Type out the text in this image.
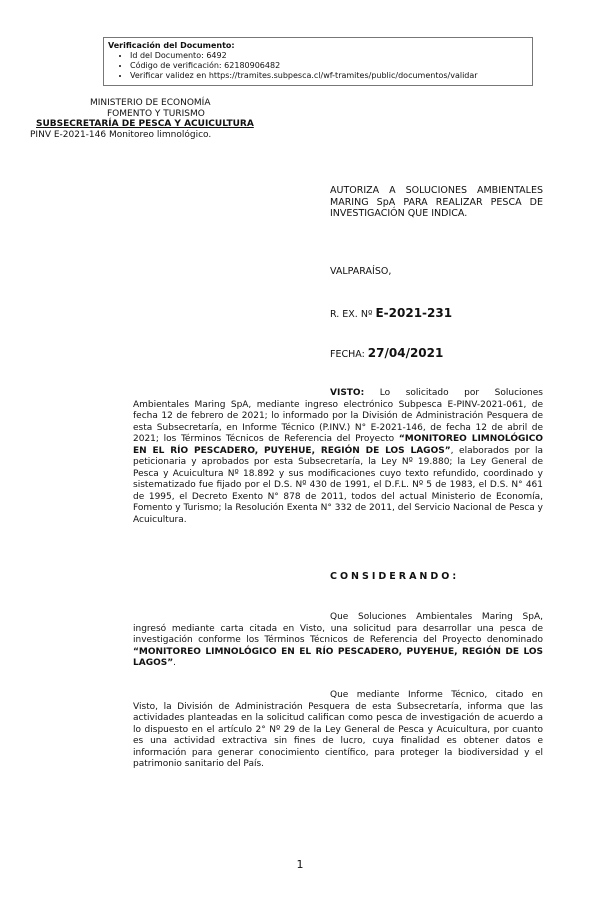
Verificación del Documento:
• Id del Documento: 6492
• Código de verificación: 62180906482
• Verificar validez en https://tramites.subpesca.cl/wf-tramites/public/documentos/validar
MINISTERIO DE ECONOMÍA
FOMENTO Y TURISMO
SUBSECRETARÍA DE PESCA Y ACUICULTURA
PINV E-2021-146 Monitoreo limnológico.
AUTORIZA A SOLUCIONES AMBIENTALES MARING SpA PARA REALIZAR PESCA DE INVESTIGACIÓN QUE INDICA.
VALPARAÍSO,
R. EX. Nº E-2021-231
FECHA: 27/04/2021
VISTO: Lo solicitado por Soluciones Ambientales Maring SpA, mediante ingreso electrónico Subpesca E-PINV-2021-061, de fecha 12 de febrero de 2021; lo informado por la División de Administración Pesquera de esta Subsecretaría, en Informe Técnico (P.INV.) N° E-2021-146, de fecha 12 de abril de 2021; los Términos Técnicos de Referencia del Proyecto “MONITOREO LIMNOLÓGICO EN EL RÍO PESCADERO, PUYEHUE, REGIÓN DE LOS LAGOS”, elaborados por la peticionaria y aprobados por esta Subsecretaría, la Ley Nº 19.880; la Ley General de Pesca y Acuicultura Nº 18.892 y sus modificaciones cuyo texto refundido, coordinado y sistematizado fue fijado por el D.S. Nº 430 de 1991, el D.F.L. Nº 5 de 1983, el D.S. N° 461 de 1995, el Decreto Exento N° 878 de 2011, todos del actual Ministerio de Economía, Fomento y Turismo; la Resolución Exenta N° 332 de 2011, del Servicio Nacional de Pesca y Acuicultura.
CONSIDERANDO:
Que Soluciones Ambientales Maring SpA, ingresó mediante carta citada en Visto, una solicitud para desarrollar una pesca de investigación conforme los Términos Técnicos de Referencia del Proyecto denominado “MONITOREO LIMNOLÓGICO EN EL RÍO PESCADERO, PUYEHUE, REGIÓN DE LOS LAGOS”.
Que mediante Informe Técnico, citado en Visto, la División de Administración Pesquera de esta Subsecretaría, informa que las actividades planteadas en la solicitud califican como pesca de investigación de acuerdo a lo dispuesto en el artículo 2° Nº 29 de la Ley General de Pesca y Acuicultura, por cuanto es una actividad extractiva sin fines de lucro, cuya finalidad es obtener datos e información para generar conocimiento científico, para proteger la biodiversidad y el patrimonio sanitario del País.
1
